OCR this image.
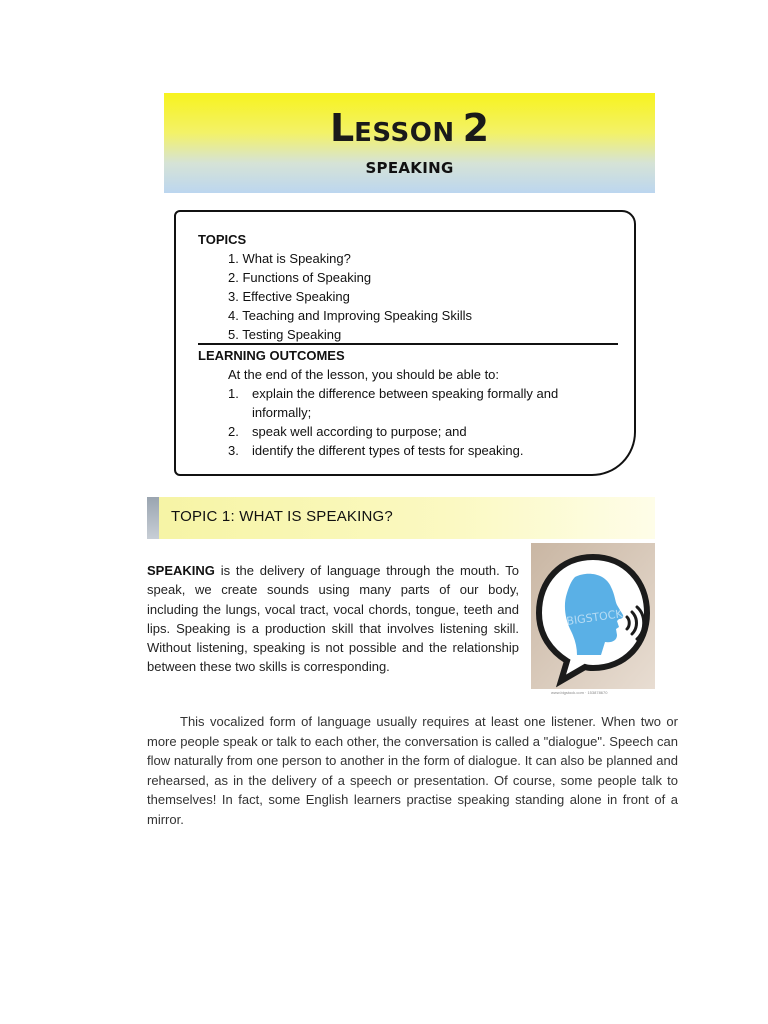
LESSON 2
SPEAKING
TOPICS
1. What is Speaking?
2. Functions of Speaking
3. Effective Speaking
4. Teaching and Improving Speaking Skills
5. Testing Speaking
LEARNING OUTCOMES
At the end of the lesson, you should be able to:
1. explain the difference between speaking formally and
informally;
2. speak well according to purpose; and
3. identify the different types of tests for speaking.
TOPIC 1: WHAT IS SPEAKING?
SPEAKING is the delivery of language through the mouth. To speak, we create sounds using many parts of our body, including the lungs, vocal tract, vocal chords, tongue, teeth and lips. Speaking is a production skill that involves listening skill. Without listening, speaking is not possible and the relationship between these two skills is corresponding.
BIGSTOCK
www.bigstock.com · 153878670
This vocalized form of language usually requires at least one listener. When two or more people speak or talk to each other, the conversation is called a "dialogue". Speech can flow naturally from one person to another in the form of dialogue. It can also be planned and rehearsed, as in the delivery of a speech or presentation. Of course, some people talk to themselves! In fact, some English learners practise speaking standing alone in front of a mirror.
